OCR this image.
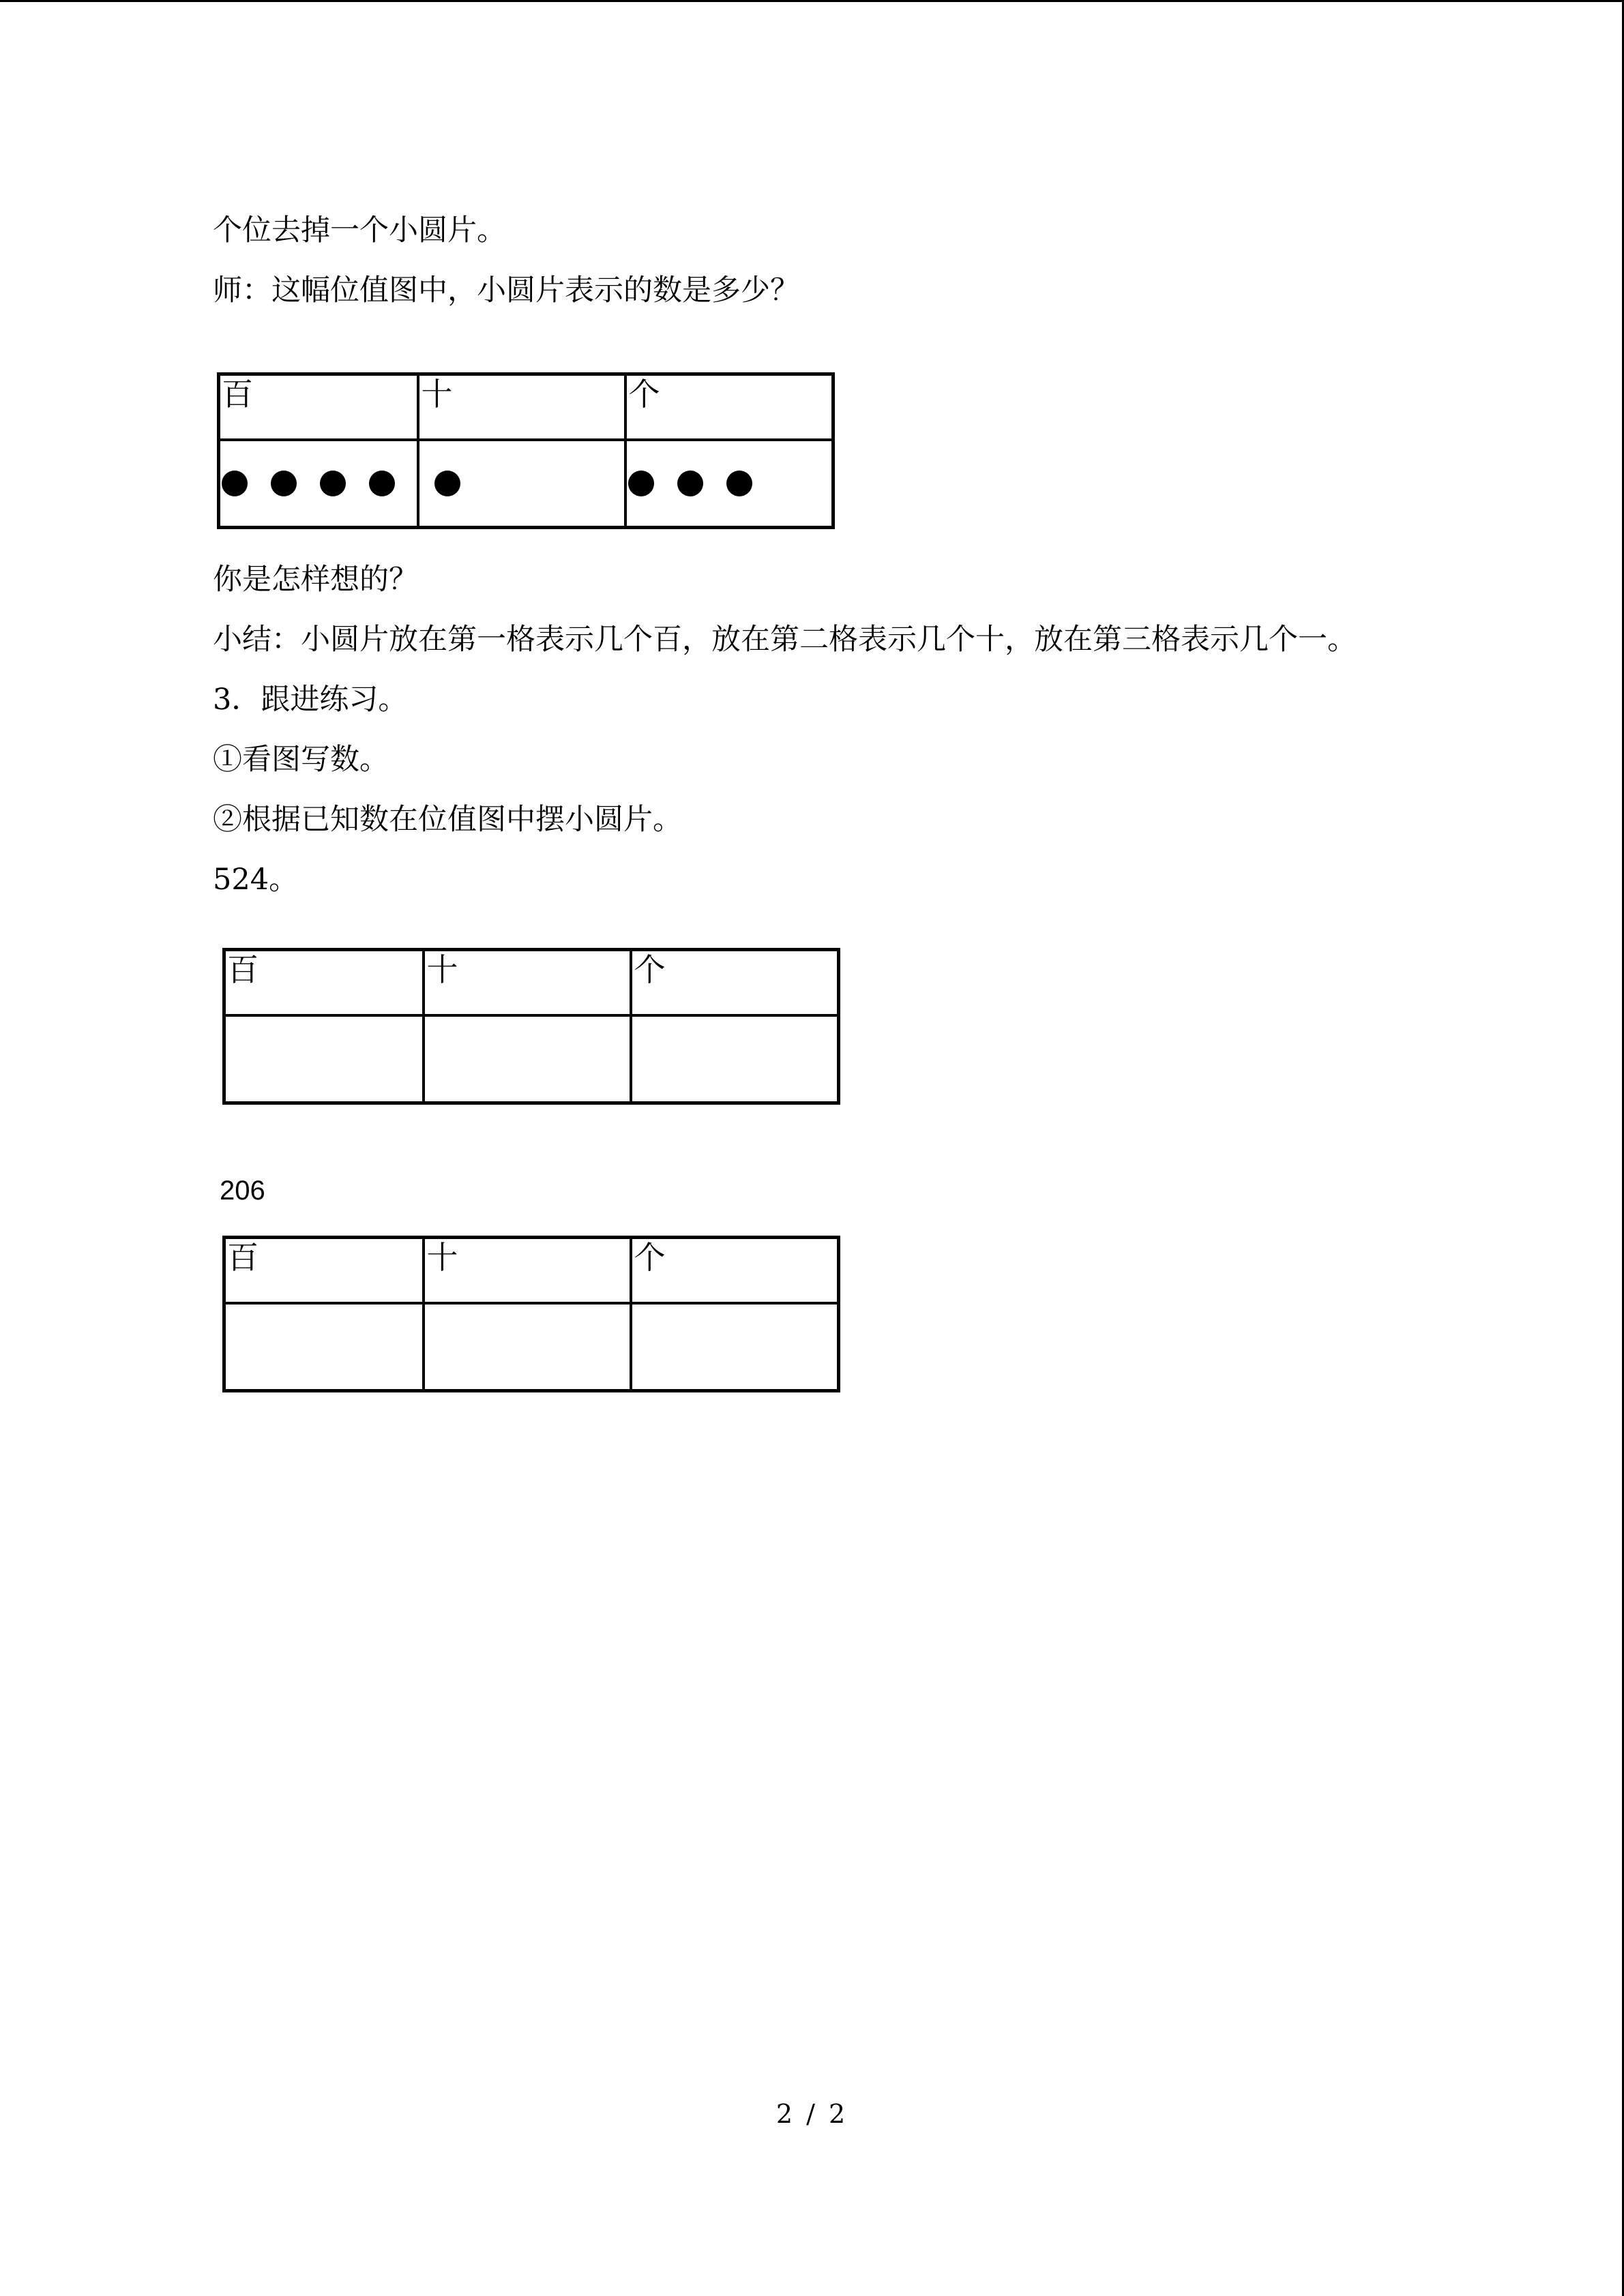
个位去掉一个小圆片。

师：这幅位值图中，小圆片表示的数是多少？

百	十	个

你是怎样想的？

小结：小圆片放在第一格表示几个百，放在第二格表示几个十，放在第三格表示几个一。

3．跟进练习。

①看图写数。

②根据已知数在位值图中摆小圆片。

524。

百	十	个

206
百	十	个

2 / 2
